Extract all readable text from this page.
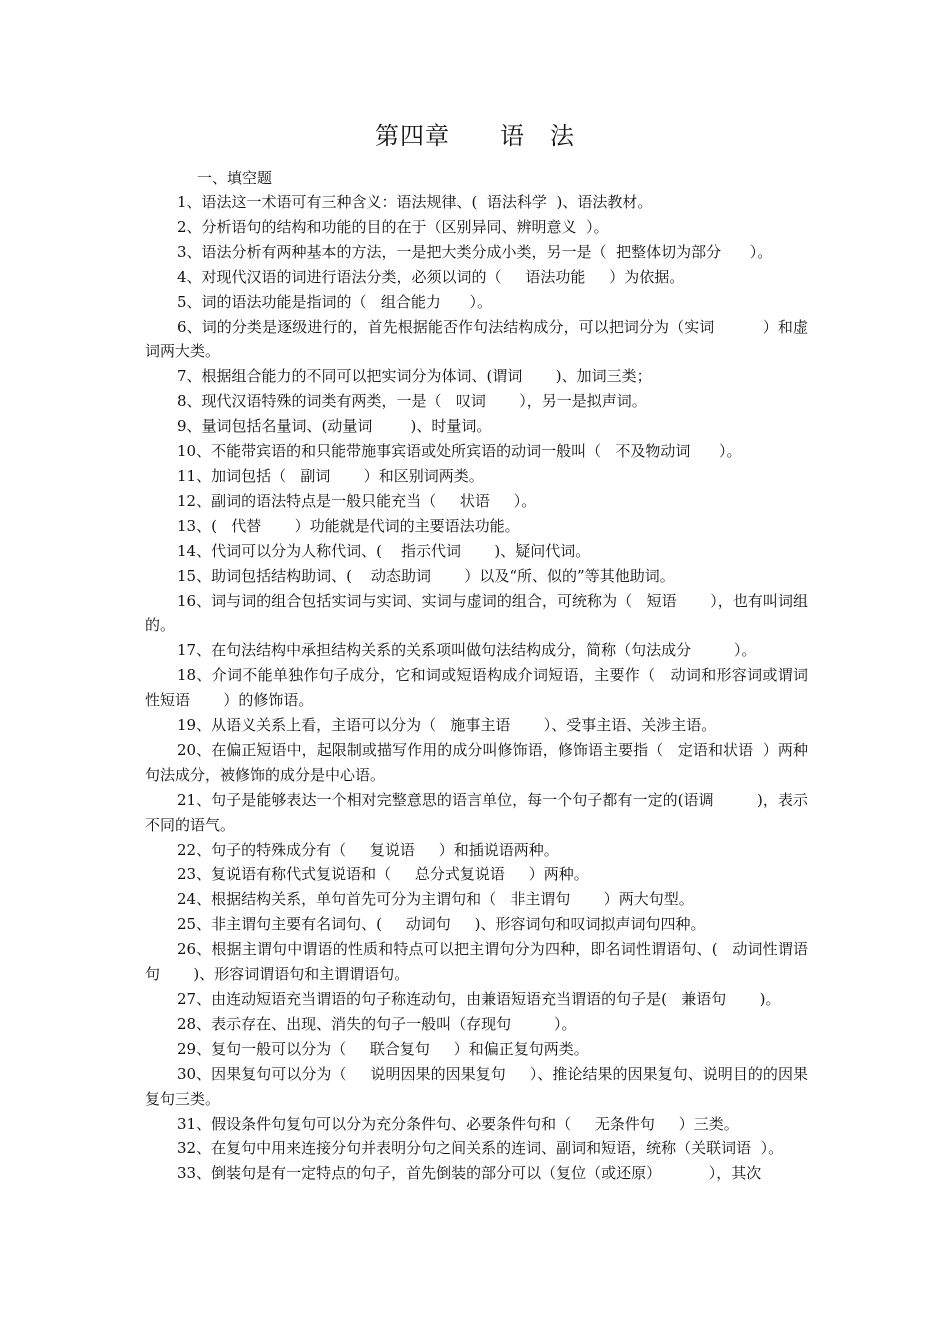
第四章　　语　法
一、填空题

1、语法这一术语可有三种含义：语法规律、(  语法科学  )、语法教材。

2、分析语句的结构和功能的目的在于（区别异同、辨明意义  ）。

3、语法分析有两种基本的方法，一是把大类分成小类，另一是（  把整体切为部分      ）。

4、对现代汉语的词进行语法分类，必须以词的（     语法功能     ）为依据。

5、词的语法功能是指词的（   组合能力      ）。

6、词的分类是逐级进行的，首先根据能否作句法结构成分，可以把词分为（实词          ）和虚词两大类。

7、根据组合能力的不同可以把实词分为体词、(谓词       )、加词三类；

8、现代汉语特殊的词类有两类，一是（   叹词       ），另一是拟声词。

9、量词包括名量词、(动量词        )、时量词。

10、不能带宾语的和只能带施事宾语或处所宾语的动词一般叫（   不及物动词      ）。

11、加词包括（   副词       ）和区别词两类。

12、副词的语法特点是一般只能充当（     状语     ）。

13、(   代替       ）功能就是代词的主要语法功能。

14、代词可以分为人称代词、(    指示代词       )、疑问代词。

15、助词包括结构助词、(    动态助词       ）以及“所、似的”等其他助词。

16、词与词的组合包括实词与实词、实词与虚词的组合，可统称为（   短语       ），也有叫词组的。

17、在句法结构中承担结构关系的关系项叫做句法结构成分，简称（句法成分         ）。

18、介词不能单独作句子成分，它和词或短语构成介词短语，主要作（   动词和形容词或谓词性短语       ）的修饰语。

19、从语义关系上看，主语可以分为（   施事主语       ）、受事主语、关涉主语。

20、在偏正短语中，起限制或描写作用的成分叫修饰语，修饰语主要指（   定语和状语  ）两种句法成分，被修饰的成分是中心语。

21、句子是能够表达一个相对完整意思的语言单位，每一个句子都有一定的(语调         )，表示不同的语气。

22、句子的特殊成分有（     复说语     ）和插说语两种。

23、复说语有称代式复说语和（     总分式复说语     ）两种。

24、根据结构关系，单句首先可分为主谓句和（   非主谓句       ）两大句型。

25、非主谓句主要有名词句、(     动词句     )、形容词句和叹词拟声词句四种。

26、根据主谓句中谓语的性质和特点可以把主谓句分为四种，即名词性谓语句、(   动词性谓语句       )、形容词谓语句和主谓谓语句。

27、由连动短语充当谓语的句子称连动句，由兼语短语充当谓语的句子是(   兼语句       )。

28、表示存在、出现、消失的句子一般叫（存现句         ）。

29、复句一般可以分为（     联合复句     ）和偏正复句两类。

30、因果复句可以分为（     说明因果的因果复句     ）、推论结果的因果复句、说明目的的因果复句三类。

31、假设条件句复句可以分为充分条件句、必要条件句和（     无条件句     ）三类。

32、在复句中用来连接分句并表明分句之间关系的连词、副词和短语，统称（关联词语  ）。

33、倒装句是有一定特点的句子，首先倒装的部分可以（复位（或还原）          ），其次
